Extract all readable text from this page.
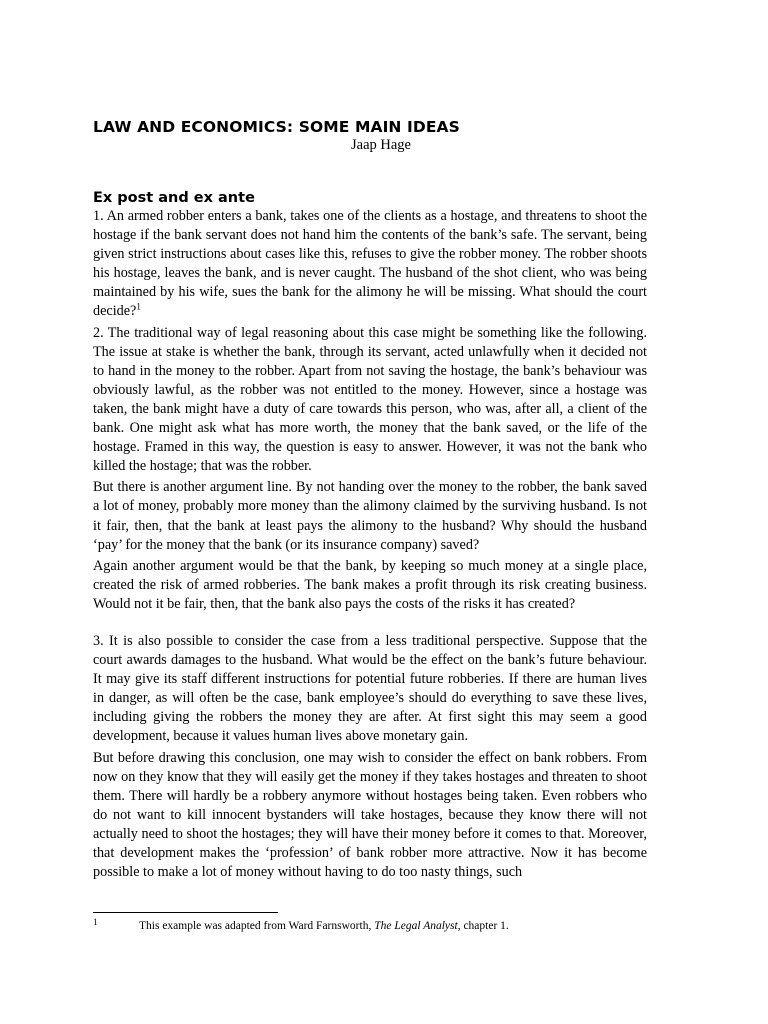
LAW AND ECONOMICS: SOME MAIN IDEAS
Jaap Hage
Ex post and ex ante

1. An armed robber enters a bank, takes one of the clients as a hostage, and threatens to shoot the hostage if the bank servant does not hand him the contents of the bank’s safe. The servant, being given strict instructions about cases like this, refuses to give the robber money. The robber shoots his hostage, leaves the bank, and is never caught. The husband of the shot client, who was being maintained by his wife, sues the bank for the alimony he will be missing. What should the court decide?$^1$

2. The traditional way of legal reasoning about this case might be something like the following. The issue at stake is whether the bank, through its servant, acted unlawfully when it decided not to hand in the money to the robber. Apart from not saving the hostage, the bank’s behaviour was obviously lawful, as the robber was not entitled to the money. However, since a hostage was taken, the bank might have a duty of care towards this person, who was, after all, a client of the bank. One might ask what has more worth, the money that the bank saved, or the life of the hostage. Framed in this way, the question is easy to answer. However, it was not the bank who killed the hostage; that was the robber.

But there is another argument line. By not handing over the money to the robber, the bank saved a lot of money, probably more money than the alimony claimed by the surviving husband. Is not it fair, then, that the bank at least pays the alimony to the husband? Why should the husband ‘pay’ for the money that the bank (or its insurance company) saved?

Again another argument would be that the bank, by keeping so much money at a single place, created the risk of armed robberies. The bank makes a profit through its risk creating business. Would not it be fair, then, that the bank also pays the costs of the risks it has created?

3. It is also possible to consider the case from a less traditional perspective. Suppose that the court awards damages to the husband. What would be the effect on the bank’s future behaviour. It may give its staff different instructions for potential future robberies. If there are human lives in danger, as will often be the case, bank employee’s should do everything to save these lives, including giving the robbers the money they are after. At first sight this may seem a good development, because it values human lives above monetary gain.

But before drawing this conclusion, one may wish to consider the effect on bank robbers. From now on they know that they will easily get the money if they takes hostages and threaten to shoot them. There will hardly be a robbery anymore without hostages being taken. Even robbers who do not want to kill innocent bystanders will take hostages, because they know there will not actually need to shoot the hostages; they will have their money before it comes to that. Moreover, that development makes the ‘profession’ of bank robber more attractive. Now it has become possible to make a lot of money without having to do too nasty things, such

1	This example was adapted from Ward Farnsworth, The Legal Analyst, chapter 1.
